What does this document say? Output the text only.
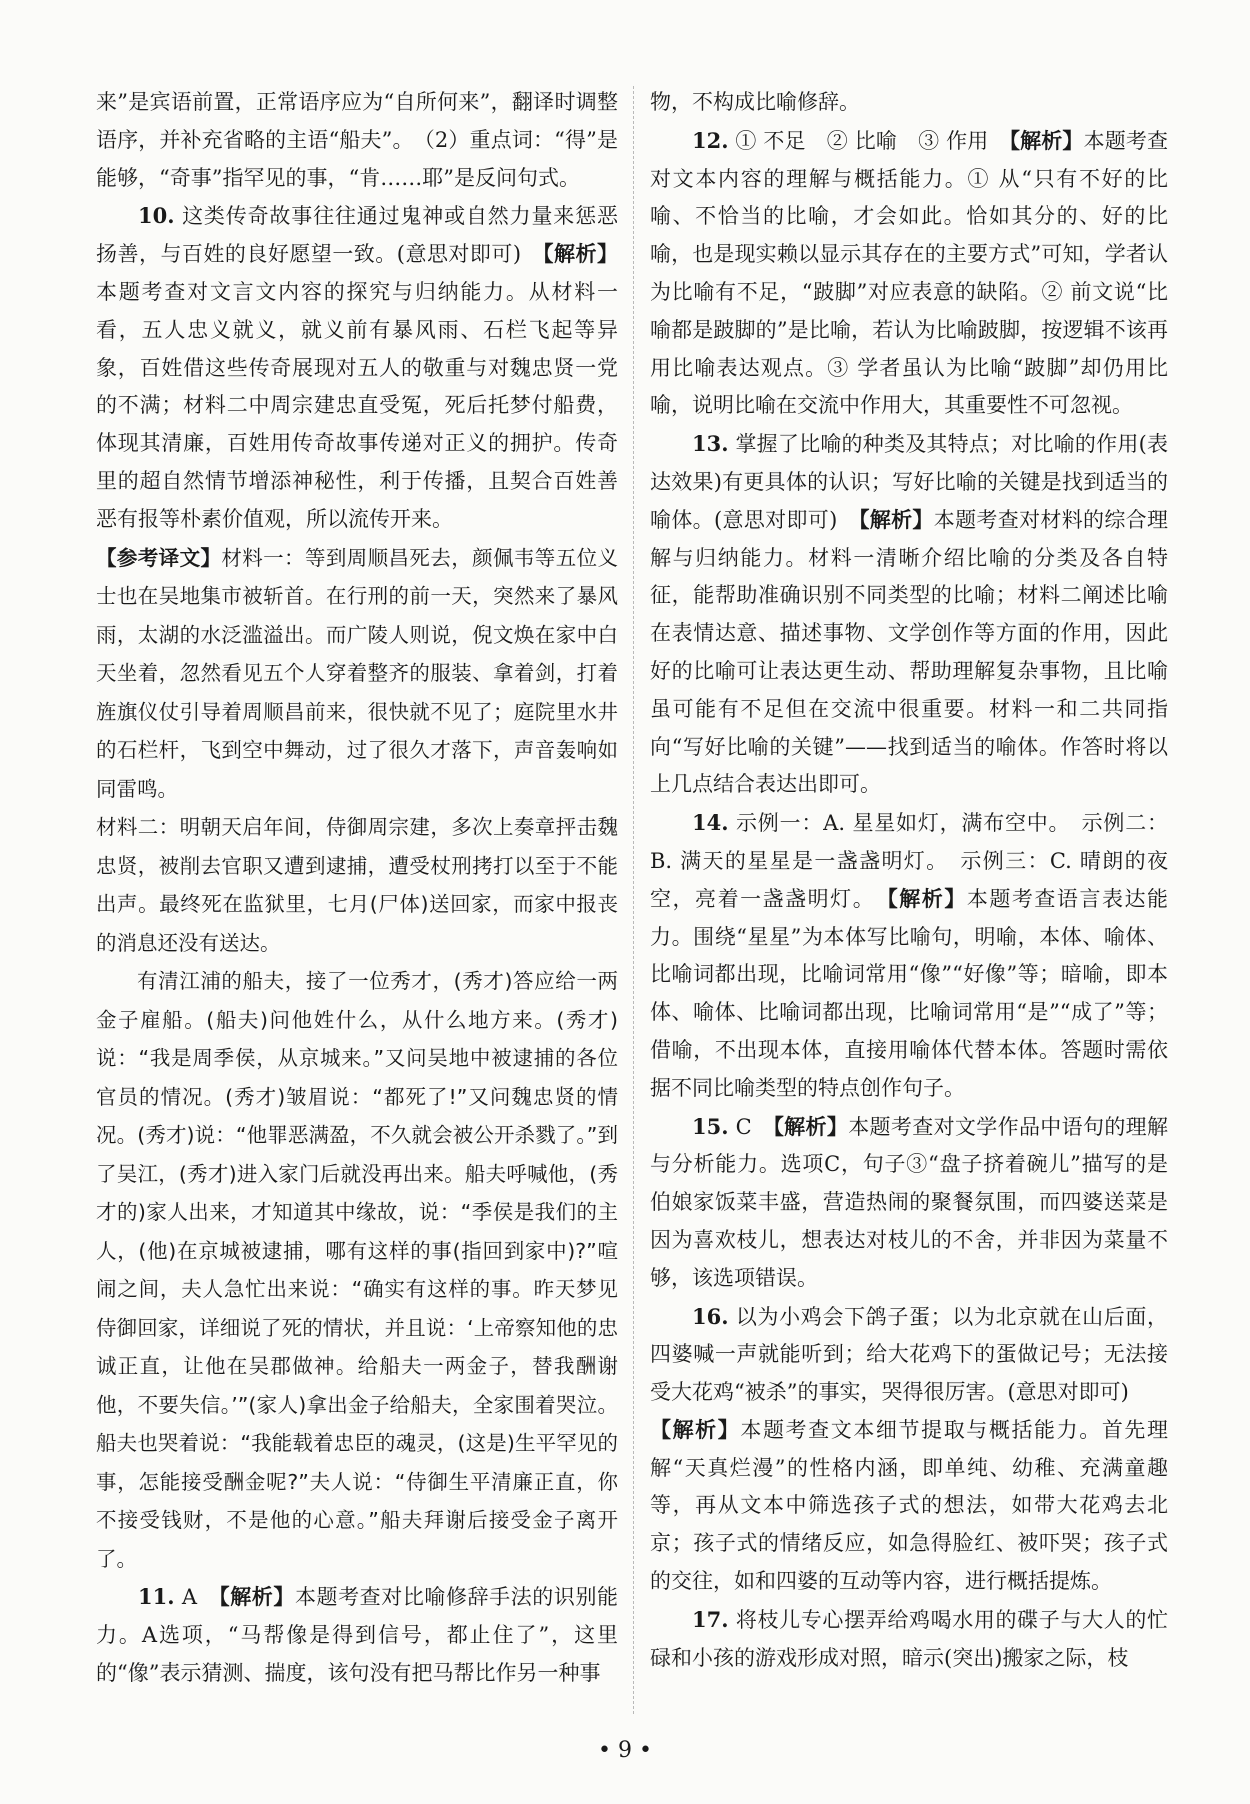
来”是宾语前置，正常语序应为“自所何来”，翻译时调整语序，并补充省略的主语“船夫”。　（2）重点词：“得”是能够，“奇事”指罕见的事，“肯……耶”是反问句式。

10. 这类传奇故事往往通过鬼神或自然力量来惩恶扬善，与百姓的良好愿望一致。(意思对即可)　【解析】本题考查对文言文内容的探究与归纳能力。从材料一看，五人忠义就义，就义前有暴风雨、石栏飞起等异象，百姓借这些传奇展现对五人的敬重与对魏忠贤一党的不满；材料二中周宗建忠直受冤，死后托梦付船费，体现其清廉，百姓用传奇故事传递对正义的拥护。传奇里的超自然情节增添神秘性，利于传播，且契合百姓善恶有报等朴素价值观，所以流传开来。

【参考译文】材料一：等到周顺昌死去，颜佩韦等五位义士也在吴地集市被斩首。在行刑的前一天，突然来了暴风雨，太湖的水泛滥溢出。而广陵人则说，倪文焕在家中白天坐着，忽然看见五个人穿着整齐的服装、拿着剑，打着旌旗仪仗引导着周顺昌前来，很快就不见了；庭院里水井的石栏杆，飞到空中舞动，过了很久才落下，声音轰响如同雷鸣。

材料二：明朝天启年间，侍御周宗建，多次上奏章抨击魏忠贤，被削去官职又遭到逮捕，遭受杖刑拷打以至于不能出声。最终死在监狱里，七月(尸体)送回家，而家中报丧的消息还没有送达。

有清江浦的船夫，接了一位秀才，(秀才)答应给一两金子雇船。(船夫)问他姓什么，从什么地方来。(秀才)说：“我是周季侯，从京城来。”又问吴地中被逮捕的各位官员的情况。(秀才)皱眉说：“都死了!”又问魏忠贤的情况。(秀才)说：“他罪恶满盈，不久就会被公开杀戮了。”到了吴江，(秀才)进入家门后就没再出来。船夫呼喊他，(秀才的)家人出来，才知道其中缘故，说：“季侯是我们的主人，(他)在京城被逮捕，哪有这样的事(指回到家中)?”喧闹之间，夫人急忙出来说：“确实有这样的事。昨天梦见侍御回家，详细说了死的情状，并且说：‘上帝察知他的忠诚正直，让他在吴郡做神。给船夫一两金子，替我酬谢他，不要失信。’”(家人)拿出金子给船夫，全家围着哭泣。船夫也哭着说：“我能载着忠臣的魂灵，(这是)生平罕见的事，怎能接受酬金呢?”夫人说：“侍御生平清廉正直，你不接受钱财，不是他的心意。”船夫拜谢后接受金子离开了。

11. A　【解析】本题考查对比喻修辞手法的识别能力。A选项，“马帮像是得到信号，都止住了”，这里的“像”表示猜测、揣度，该句没有把马帮比作另一种事

物，不构成比喻修辞。

12. ① 不足　② 比喻　③ 作用　【解析】本题考查对文本内容的理解与概括能力。① 从“只有不好的比喻、不恰当的比喻，才会如此。恰如其分的、好的比喻，也是现实赖以显示其存在的主要方式”可知，学者认为比喻有不足，“跛脚”对应表意的缺陷。② 前文说“比喻都是跛脚的”是比喻，若认为比喻跛脚，按逻辑不该再用比喻表达观点。③ 学者虽认为比喻“跛脚”却仍用比喻，说明比喻在交流中作用大，其重要性不可忽视。

13. 掌握了比喻的种类及其特点；对比喻的作用(表达效果)有更具体的认识；写好比喻的关键是找到适当的喻体。(意思对即可)　【解析】本题考查对材料的综合理解与归纳能力。材料一清晰介绍比喻的分类及各自特征，能帮助准确识别不同类型的比喻；材料二阐述比喻在表情达意、描述事物、文学创作等方面的作用，因此好的比喻可让表达更生动、帮助理解复杂事物，且比喻虽可能有不足但在交流中很重要。材料一和二共同指向“写好比喻的关键”——找到适当的喻体。作答时将以上几点结合表达出即可。

14. 示例一：A. 星星如灯，满布空中。　示例二：B. 满天的星星是一盏盏明灯。　示例三：C. 晴朗的夜空，亮着一盏盏明灯。　【解析】本题考查语言表达能力。围绕“星星”为本体写比喻句，明喻，本体、喻体、比喻词都出现，比喻词常用“像”“好像”等；暗喻，即本体、喻体、比喻词都出现，比喻词常用“是”“成了”等；借喻，不出现本体，直接用喻体代替本体。答题时需依据不同比喻类型的特点创作句子。

15. C　【解析】本题考查对文学作品中语句的理解与分析能力。选项C，句子③“盘子挤着碗儿”描写的是伯娘家饭菜丰盛，营造热闹的聚餐氛围，而四婆送菜是因为喜欢枝儿，想表达对枝儿的不舍，并非因为菜量不够，该选项错误。

16. 以为小鸡会下鸽子蛋；以为北京就在山后面，四婆喊一声就能听到；给大花鸡下的蛋做记号；无法接受大花鸡“被杀”的事实，哭得很厉害。(意思对即可)

【解析】本题考查文本细节提取与概括能力。首先理解“天真烂漫”的性格内涵，即单纯、幼稚、充满童趣等，再从文本中筛选孩子式的想法，如带大花鸡去北京；孩子式的情绪反应，如急得脸红、被吓哭；孩子式的交往，如和四婆的互动等内容，进行概括提炼。

17. 将枝儿专心摆弄给鸡喝水用的碟子与大人的忙碌和小孩的游戏形成对照，暗示(突出)搬家之际，枝

• 9 •
